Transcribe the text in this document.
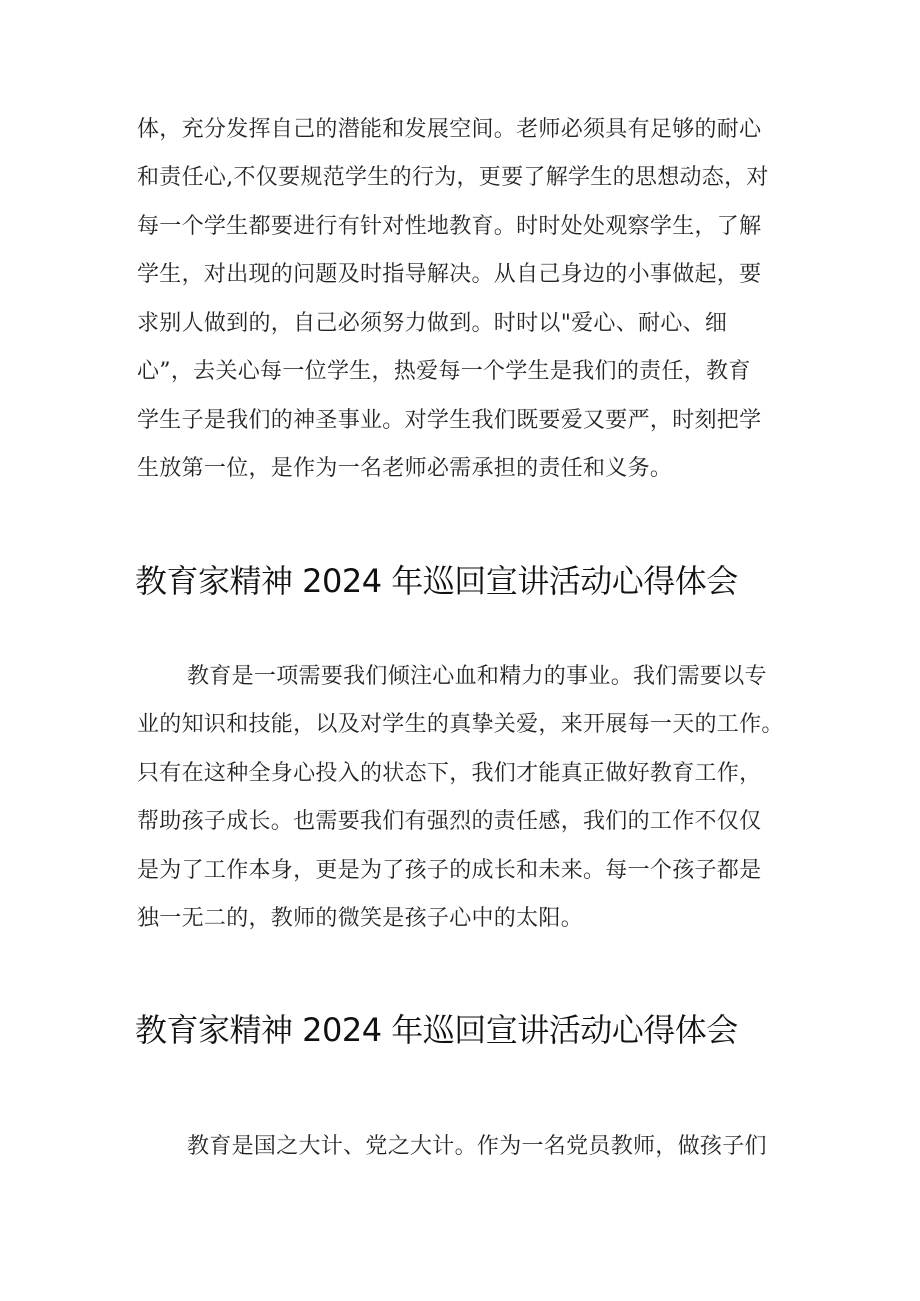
体，充分发挥自己的潜能和发展空间。老师必须具有足够的耐心
和责任心,不仅要规范学生的行为，更要了解学生的思想动态，对
每一个学生都要进行有针对性地教育。时时处处观察学生，了解
学生，对出现的问题及时指导解决。从自己身边的小事做起，要
求别人做到的，自己必须努力做到。时时以"爱心、耐心、细
心”，去关心每一位学生，热爱每一个学生是我们的责任，教育
学生子是我们的神圣事业。对学生我们既要爱又要严，时刻把学
生放第一位，是作为一名老师必需承担的责任和义务。
教育家精神 2024 年巡回宣讲活动心得体会
教育是一项需要我们倾注心血和精力的事业。我们需要以专
业的知识和技能，以及对学生的真挚关爱，来开展每一天的工作。
只有在这种全身心投入的状态下，我们才能真正做好教育工作，
帮助孩子成长。也需要我们有强烈的责任感，我们的工作不仅仅
是为了工作本身，更是为了孩子的成长和未来。每一个孩子都是
独一无二的，教师的微笑是孩子心中的太阳。
教育家精神 2024 年巡回宣讲活动心得体会
教育是国之大计、党之大计。作为一名党员教师，做孩子们
